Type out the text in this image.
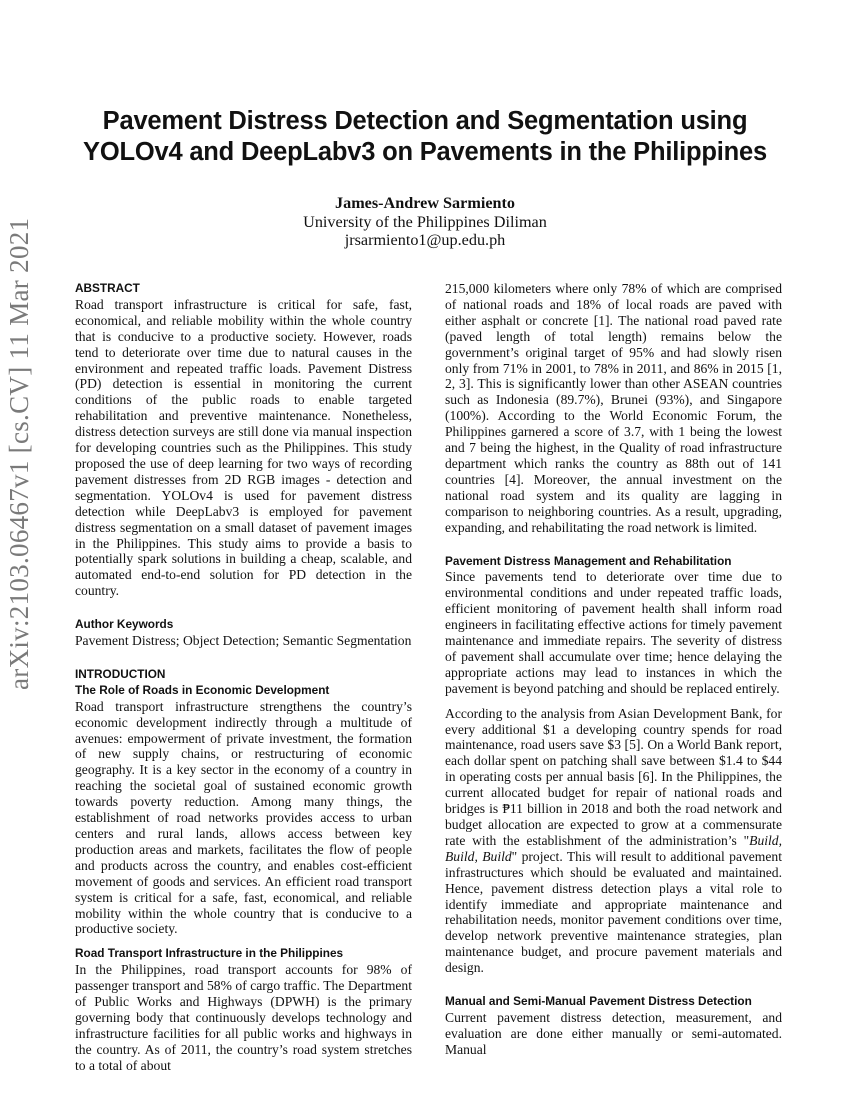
arXiv:2103.06467v1 [cs.CV] 11 Mar 2021
Pavement Distress Detection and Segmentation using
YOLOv4 and DeepLabv3 on Pavements in the Philippines
James-Andrew Sarmiento
University of the Philippines Diliman
jrsarmiento1@up.edu.ph
ABSTRACT

Road transport infrastructure is critical for safe, fast, economical, and reliable mobility within the whole country that is conducive to a productive society. However, roads tend to deteriorate over time due to natural causes in the environment and repeated traffic loads. Pavement Distress (PD) detection is essential in monitoring the current conditions of the public roads to enable targeted rehabilitation and preventive maintenance. Nonetheless, distress detection surveys are still done via manual inspection for developing countries such as the Philippines. This study proposed the use of deep learning for two ways of recording pavement distresses from 2D RGB images - detection and segmentation. YOLOv4 is used for pavement distress detection while DeepLabv3 is employed for pavement distress segmentation on a small dataset of pavement images in the Philippines. This study aims to provide a basis to potentially spark solutions in building a cheap, scalable, and automated end-to-end solution for PD detection in the country.

Author Keywords

Pavement Distress; Object Detection; Semantic Segmentation

INTRODUCTION
The Role of Roads in Economic Development

Road transport infrastructure strengthens the country’s economic development indirectly through a multitude of avenues: empowerment of private investment, the formation of new supply chains, or restructuring of economic geography. It is a key sector in the economy of a country in reaching the societal goal of sustained economic growth towards poverty reduction. Among many things, the establishment of road networks provides access to urban centers and rural lands, allows access between key production areas and markets, facilitates the flow of people and products across the country, and enables cost-efficient movement of goods and services. An efficient road transport system is critical for a safe, fast, economical, and reliable mobility within the whole country that is conducive to a productive society.

Road Transport Infrastructure in the Philippines

In the Philippines, road transport accounts for 98% of passenger transport and 58% of cargo traffic. The Department of Public Works and Highways (DPWH) is the primary governing body that continuously develops technology and infrastructure facilities for all public works and highways in the country. As of 2011, the country’s road system stretches to a total of about

215,000 kilometers where only 78% of which are comprised of national roads and 18% of local roads are paved with either asphalt or concrete [1]. The national road paved rate (paved length of total length) remains below the government’s original target of 95% and had slowly risen only from 71% in 2001, to 78% in 2011, and 86% in 2015 [1, 2, 3]. This is significantly lower than other ASEAN countries such as Indonesia (89.7%), Brunei (93%), and Singapore (100%). According to the World Economic Forum, the Philippines garnered a score of 3.7, with 1 being the lowest and 7 being the highest, in the Quality of road infrastructure department which ranks the country as 88th out of 141 countries [4]. Moreover, the annual investment on the national road system and its quality are lagging in comparison to neighboring countries. As a result, upgrading, expanding, and rehabilitating the road network is limited.

Pavement Distress Management and Rehabilitation

Since pavements tend to deteriorate over time due to environmental conditions and under repeated traffic loads, efficient monitoring of pavement health shall inform road engineers in facilitating effective actions for timely pavement maintenance and immediate repairs. The severity of distress of pavement shall accumulate over time; hence delaying the appropriate actions may lead to instances in which the pavement is beyond patching and should be replaced entirely.

According to the analysis from Asian Development Bank, for every additional $1 a developing country spends for road maintenance, road users save $3 [5]. On a World Bank report, each dollar spent on patching shall save between $1.4 to $44 in operating costs per annual basis [6]. In the Philippines, the current allocated budget for repair of national roads and bridges is ₱11 billion in 2018 and both the road network and budget allocation are expected to grow at a commensurate rate with the establishment of the administration’s "Build, Build, Build" project. This will result to additional pavement infrastructures which should be evaluated and maintained. Hence, pavement distress detection plays a vital role to identify immediate and appropriate maintenance and rehabilitation needs, monitor pavement conditions over time, develop network preventive maintenance strategies, plan maintenance budget, and procure pavement materials and design.

Manual and Semi-Manual Pavement Distress Detection

Current pavement distress detection, measurement, and evaluation are done either manually or semi-automated. Manual
